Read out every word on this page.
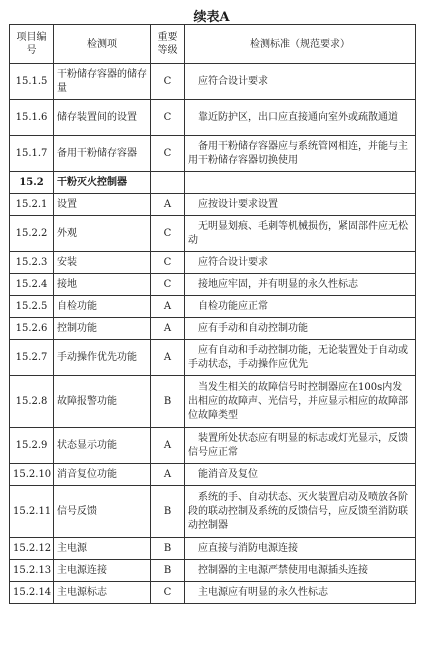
续表A
项目编号	检测项	重要等级	检测标准（规范要求）
15.1.5	干粉储存容器的储存量	C	应符合设计要求
15.1.6	储存装置间的设置	C	靠近防护区，出口应直接通向室外或疏散通道
15.1.7	备用干粉储存容器	C	备用干粉储存容器应与系统管网相连，并能与主用干粉储存容器切换使用
15.2	干粉灭火控制器		
15.2.1	设置	A	应按设计要求设置
15.2.2	外观	C	无明显划痕、毛刺等机械损伤，紧固部件应无松动
15.2.3	安装	C	应符合设计要求
15.2.4	接地	C	接地应牢固，并有明显的永久性标志
15.2.5	自检功能	A	自检功能应正常
15.2.6	控制功能	A	应有手动和自动控制功能
15.2.7	手动操作优先功能	A	应有自动和手动控制功能，无论装置处于自动或手动状态，手动操作应优先
15.2.8	故障报警功能	B	当发生相关的故障信号时控制器应在100s内发出相应的故障声、光信号，并应显示相应的故障部位故障类型
15.2.9	状态显示功能	A	装置所处状态应有明显的标志或灯光显示，反馈信号应正常
15.2.10	消音复位功能	A	能消音及复位
15.2.11	信号反馈	B	系统的手、自动状态、灭火装置启动及喷放各阶段的联动控制及系统的反馈信号，应反馈至消防联动控制器
15.2.12	主电源	B	应直接与消防电源连接
15.2.13	主电源连接	B	控制器的主电源严禁使用电源插头连接
15.2.14	主电源标志	C	主电源应有明显的永久性标志
